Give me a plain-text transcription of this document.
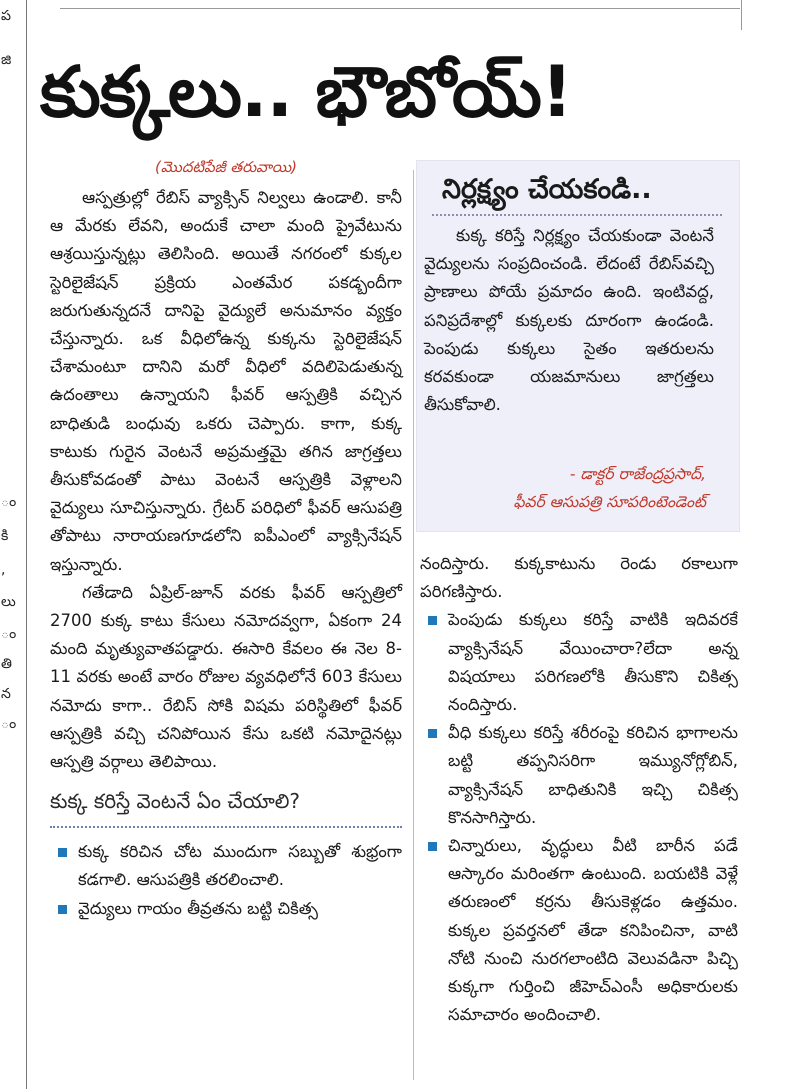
ప
జి
ం
కి
,
లు
ం
తి
న
ం
కుక్కలు.. భౌబోయ్!
(మొదటిపేజీ తరువాయి)

ఆస్పత్రుల్లో రేబిస్ వ్యాక్సిన్ నిల్వలు ఉండాలి. కానీ ఆ మేరకు లేవని, అందుకే చాలా మంది ప్రైవేటును ఆశ్రయిస్తున్నట్లు తెలిసింది. అయితే నగరంలో కుక్కల స్టెరిలైజేషన్ ప్రక్రియ ఎంతమేర పకడ్బందీగా జరుగుతున్నదనే దానిపై వైద్యులే అనుమానం వ్యక్తం చేస్తున్నారు. ఒక వీధిలోఉన్న కుక్కను స్టెరిలైజేషన్ చేశామంటూ దానిని మరో వీధిలో వదిలిపెడుతున్న ఉదంతాలు ఉన్నాయని ఫీవర్ ఆస్పత్రికి వచ్చిన బాధితుడి బంధువు ఒకరు చెప్పారు. కాగా, కుక్క కాటుకు గురైన వెంటనే అప్రమత్తమై తగిన జాగ్రత్తలు తీసుకోవడంతో పాటు వెంటనే ఆస్పత్రికి వెళ్లాలని వైద్యులు సూచిస్తున్నారు. గ్రేటర్ పరిధిలో ఫీవర్ ఆసుపత్రి తోపాటు నారాయణగూడలోని ఐపీఎంలో వ్యాక్సినేషన్ ఇస్తున్నారు.

గతేడాది ఏప్రిల్-జూన్ వరకు ఫీవర్ ఆస్పత్రిలో 2700 కుక్క కాటు కేసులు నమోదవ్వగా, ఏకంగా 24 మంది మృత్యువాతపడ్డారు. ఈసారి కేవలం ఈ నెల 8-11 వరకు అంటే వారం రోజుల వ్యవధిలోనే 603 కేసులు నమోదు కాగా.. రేబిస్ సోకి విషమ పరిస్థితిలో ఫీవర్ ఆస్పత్రికి వచ్చి చనిపోయిన కేసు ఒకటి నమోదైనట్లు ఆస్పత్రి వర్గాలు తెలిపాయి.

కుక్క కరిస్తే వెంటనే ఏం చేయాలి?

కుక్క కరిచిన చోట ముందుగా సబ్బుతో శుభ్రంగా కడగాలి. ఆసుపత్రికి తరలించాలి.

వైద్యులు గాయం తీవ్రతను బట్టి చికిత్స

నిర్లక్ష్యం చేయకండి..

కుక్క కరిస్తే నిర్లక్ష్యం చేయకుండా వెంటనే వైద్యులను సంప్రదించండి. లేదంటే రేబిస్‌వచ్చి ప్రాణాలు పోయే ప్రమాదం ఉంది. ఇంటివద్ద, పనిప్రదేశాల్లో కుక్కలకు దూరంగా ఉండండి. పెంపుడు కుక్కలు సైతం ఇతరులను కరవకుండా యజమానులు జాగ్రత్తలు తీసుకోవాలి.

- డాక్టర్ రాజేంద్రప్రసాద్,
ఫీవర్ ఆసుపత్రి సూపరింటెండెంట్

నందిస్తారు. కుక్కకాటును రెండు రకాలుగా పరిగణిస్తారు.

పెంపుడు కుక్కలు కరిస్తే వాటికి ఇదివరకే వ్యాక్సినేషన్ వేయించారా?లేదా అన్న విషయాలు పరిగణలోకి తీసుకొని చికిత్స నందిస్తారు.

వీధి కుక్కలు కరిస్తే శరీరంపై కరిచిన భాగాలను బట్టి తప్పనిసరిగా ఇమ్యునోగ్లోబిన్, వ్యాక్సినేషన్ బాధితునికి ఇచ్చి చికిత్స కొనసాగిస్తారు.

చిన్నారులు, వృద్ధులు వీటి బారీన పడే ఆస్కారం మరింతగా ఉంటుంది. బయటికి వెళ్లే తరుణంలో కర్రను తీసుకెళ్లడం ఉత్తమం. కుక్కల ప్రవర్తనలో తేడా కనిపించినా, వాటి నోటి నుంచి నురగలాంటిది వెలువడినా పిచ్చి కుక్కగా గుర్తించి జీహెచ్ఎంసీ అధికారులకు సమాచారం అందించాలి.
